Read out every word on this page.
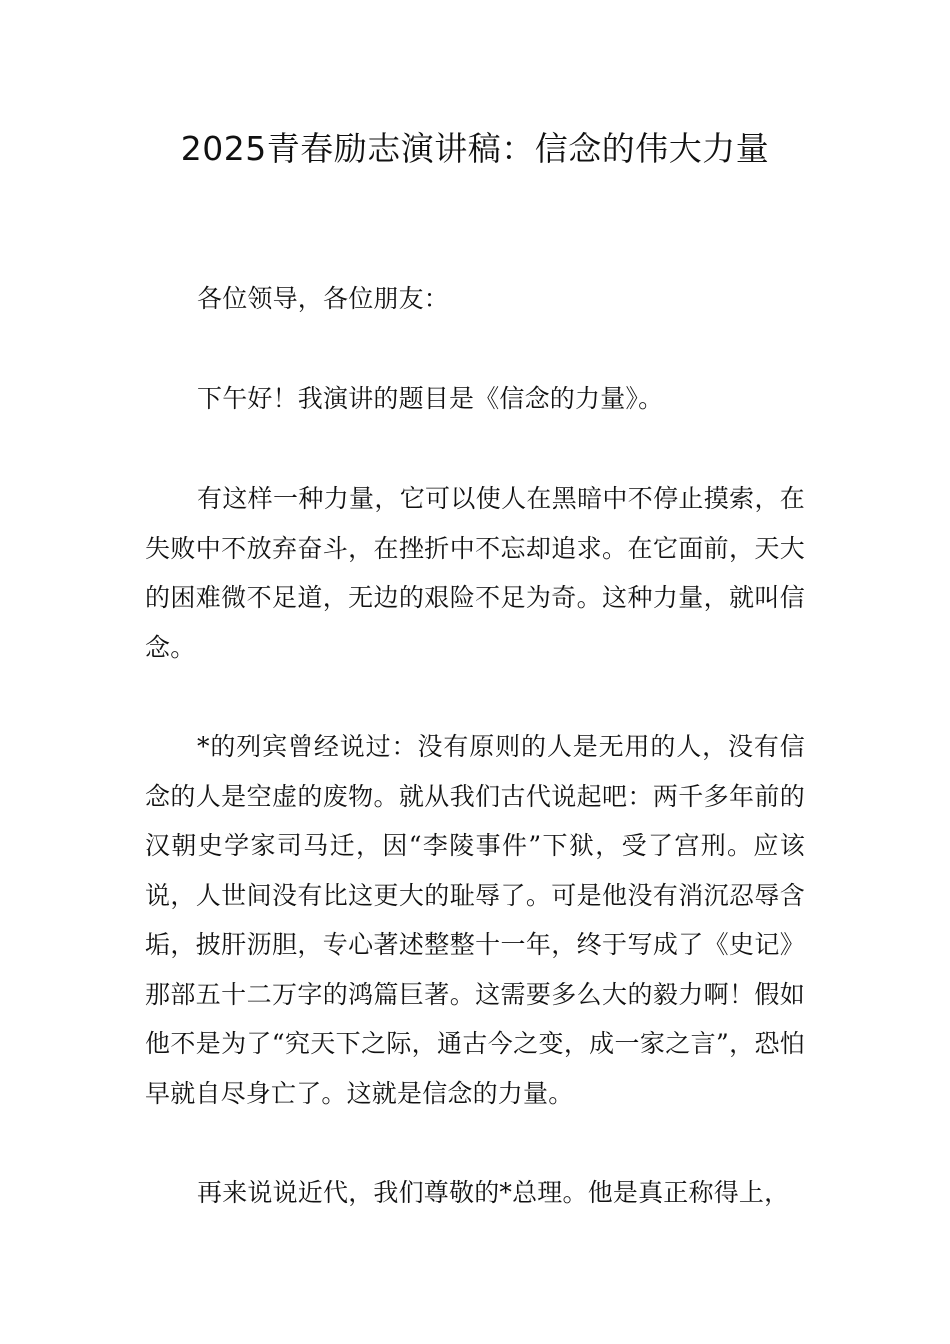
2025青春励志演讲稿：信念的伟大力量

各位领导，各位朋友：

下午好！我演讲的题目是《信念的力量》。

有这样一种力量，它可以使人在黑暗中不停止摸索，在失败中不放弃奋斗，在挫折中不忘却追求。在它面前，天大的困难微不足道，无边的艰险不足为奇。这种力量，就叫信念。

*的列宾曾经说过：没有原则的人是无用的人，没有信念的人是空虚的废物。就从我们古代说起吧：两千多年前的汉朝史学家司马迁，因“李陵事件”下狱，受了宫刑。应该说，人世间没有比这更大的耻辱了。可是他没有消沉忍辱含垢，披肝沥胆，专心著述整整十一年，终于写成了《史记》那部五十二万字的鸿篇巨著。这需要多么大的毅力啊！假如他不是为了“究天下之际，通古今之变，成一家之言”，恐怕早就自尽身亡了。这就是信念的力量。

再来说说近代，我们尊敬的*总理。他是真正称得上，
